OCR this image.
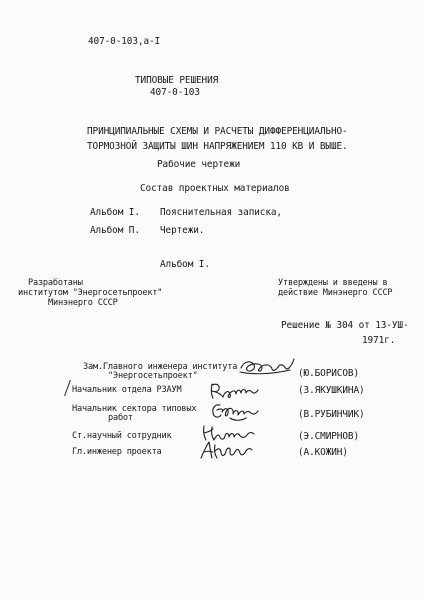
407-0-103,а-I
ТИПОВЫЕ РЕШЕНИЯ
407-0-103
ПРИНЦИПИАЛЬНЫЕ СХЕМЫ И РАСЧЕТЫ ДИФФЕРЕНЦИАЛЬНО-
ТОРМОЗНОЙ ЗАЩИТЫ ШИН НАПРЯЖЕНИЕМ 110 КВ И ВЫШЕ.
Рабочие чертежи
Состав проектных материалов
Альбом I. Пояснительная записка,
Альбом П. Чертежи.
Альбом I.
Разработаны
институтом "Энергосетьпроект"
Минэнерго СССР
Утверждены и введены в
действие Минэнерго СССР
Решение № 304 от 13-УШ-
1971г.
Зам.Главного инженера института
"Энергосетьпроект"	(Ю.БОРИСОВ)
Начальник отдела РЗАУМ	(З.ЯКУШКИНА)
Начальник сектора типовых
работ	(В.РУБИНЧИК)
Ст.научный сотрудник	(Э.СМИРНОВ)
Гл.инженер проекта	(А.КОЖИН)
